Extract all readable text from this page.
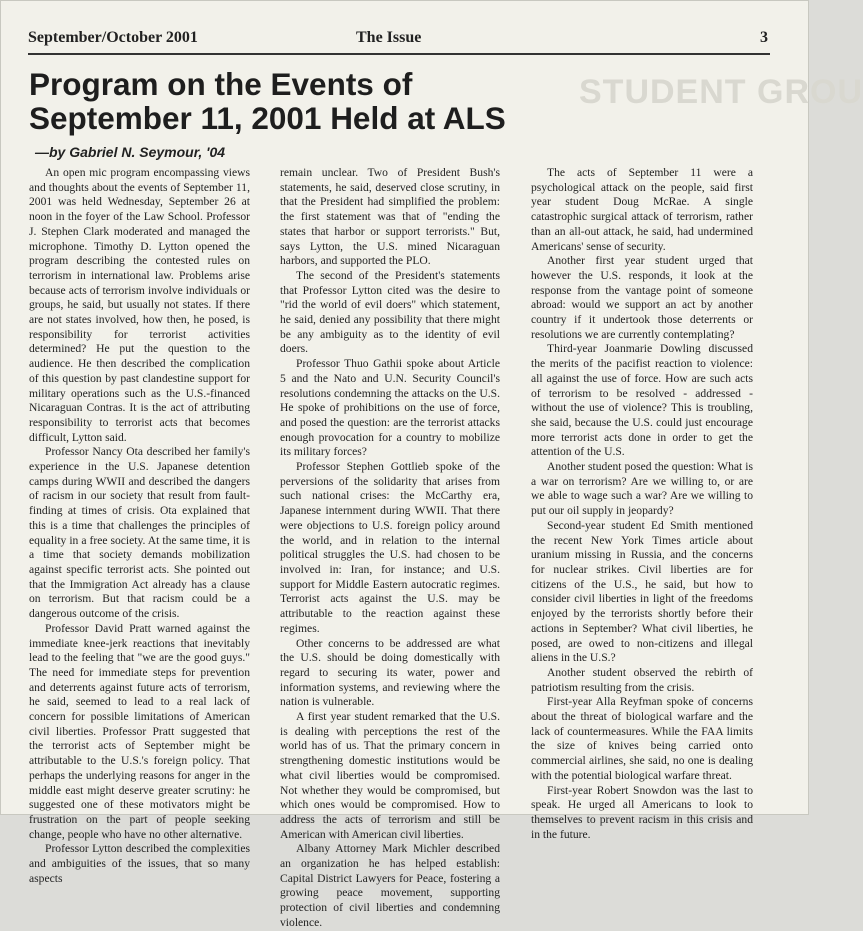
September/October 2001	The Issue	3
STUDENT GROU
Program on the Events of
September 11, 2001 Held at ALS
—by Gabriel N. Seymour, '04

An open mic program encompassing views and thoughts about the events of September 11, 2001 was held Wednesday, September 26 at noon in the foyer of the Law School. Professor J. Stephen Clark moderated and managed the microphone. Timothy D. Lytton opened the program describing the contested rules on terrorism in international law. Problems arise because acts of terrorism involve individuals or groups, he said, but usually not states. If there are not states involved, how then, he posed, is responsibility for terrorist activities determined? He put the question to the audience. He then described the complication of this question by past clandestine support for military operations such as the U.S.-financed Nicaraguan Contras. It is the act of attributing responsibility to terrorist acts that becomes difficult, Lytton said.

Professor Nancy Ota described her family's experience in the U.S. Japanese detention camps during WWII and described the dangers of racism in our society that result from fault-finding at times of crisis. Ota explained that this is a time that challenges the principles of equality in a free society. At the same time, it is a time that society demands mobilization against specific terrorist acts. She pointed out that the Immigration Act already has a clause on terrorism. But that racism could be a dangerous outcome of the crisis.

Professor David Pratt warned against the immediate knee-jerk reactions that inevitably lead to the feeling that "we are the good guys." The need for immediate steps for prevention and deterrents against future acts of terrorism, he said, seemed to lead to a real lack of concern for possible limitations of American civil liberties. Professor Pratt suggested that the terrorist acts of September might be attributable to the U.S.'s foreign policy. That perhaps the underlying reasons for anger in the middle east might deserve greater scrutiny: he suggested one of these motivators might be frustration on the part of people seeking change, people who have no other alternative.

Professor Lytton described the complexities and ambiguities of the issues, that so many aspects

remain unclear. Two of President Bush's statements, he said, deserved close scrutiny, in that the President had simplified the problem: the first statement was that of "ending the states that harbor or support terrorists." But, says Lytton, the U.S. mined Nicaraguan harbors, and supported the PLO.

The second of the President's statements that Professor Lytton cited was the desire to "rid the world of evil doers" which statement, he said, denied any possibility that there might be any ambiguity as to the identity of evil doers.

Professor Thuo Gathii spoke about Article 5 and the Nato and U.N. Security Council's resolutions condemning the attacks on the U.S. He spoke of prohibitions on the use of force, and posed the question: are the terrorist attacks enough provocation for a country to mobilize its military forces?

Professor Stephen Gottlieb spoke of the perversions of the solidarity that arises from such national crises: the McCarthy era, Japanese internment during WWII. That there were objections to U.S. foreign policy around the world, and in relation to the internal political struggles the U.S. had chosen to be involved in: Iran, for instance; and U.S. support for Middle Eastern autocratic regimes. Terrorist acts against the U.S. may be attributable to the reaction against these regimes.

Other concerns to be addressed are what the U.S. should be doing domestically with regard to securing its water, power and information systems, and reviewing where the nation is vulnerable.

A first year student remarked that the U.S. is dealing with perceptions the rest of the world has of us. That the primary concern in strengthening domestic institutions would be what civil liberties would be compromised. Not whether they would be compromised, but which ones would be compromised. How to address the acts of terrorism and still be American with American civil liberties.

Albany Attorney Mark Michler described an organization he has helped establish: Capital District Lawyers for Peace, fostering a growing peace movement, supporting protection of civil liberties and condemning violence.

The acts of September 11 were a psychological attack on the people, said first year student Doug McRae. A single catastrophic surgical attack of terrorism, rather than an all-out attack, he said, had undermined Americans' sense of security.

Another first year student urged that however the U.S. responds, it look at the response from the vantage point of someone abroad: would we support an act by another country if it undertook those deterrents or resolutions we are currently contemplating?

Third-year Joanmarie Dowling discussed the merits of the pacifist reaction to violence: all against the use of force. How are such acts of terrorism to be resolved - addressed - without the use of violence? This is troubling, she said, because the U.S. could just encourage more terrorist acts done in order to get the attention of the U.S.

Another student posed the question: What is a war on terrorism? Are we willing to, or are we able to wage such a war? Are we willing to put our oil supply in jeopardy?

Second-year student Ed Smith mentioned the recent New York Times article about uranium missing in Russia, and the concerns for nuclear strikes. Civil liberties are for citizens of the U.S., he said, but how to consider civil liberties in light of the freedoms enjoyed by the terrorists shortly before their actions in September? What civil liberties, he posed, are owed to non-citizens and illegal aliens in the U.S.?

Another student observed the rebirth of patriotism resulting from the crisis.

First-year Alla Reyfman spoke of concerns about the threat of biological warfare and the lack of countermeasures. While the FAA limits the size of knives being carried onto commercial airlines, she said, no one is dealing with the potential biological warfare threat.

First-year Robert Snowdon was the last to speak. He urged all Americans to look to themselves to prevent racism in this crisis and in the future.
